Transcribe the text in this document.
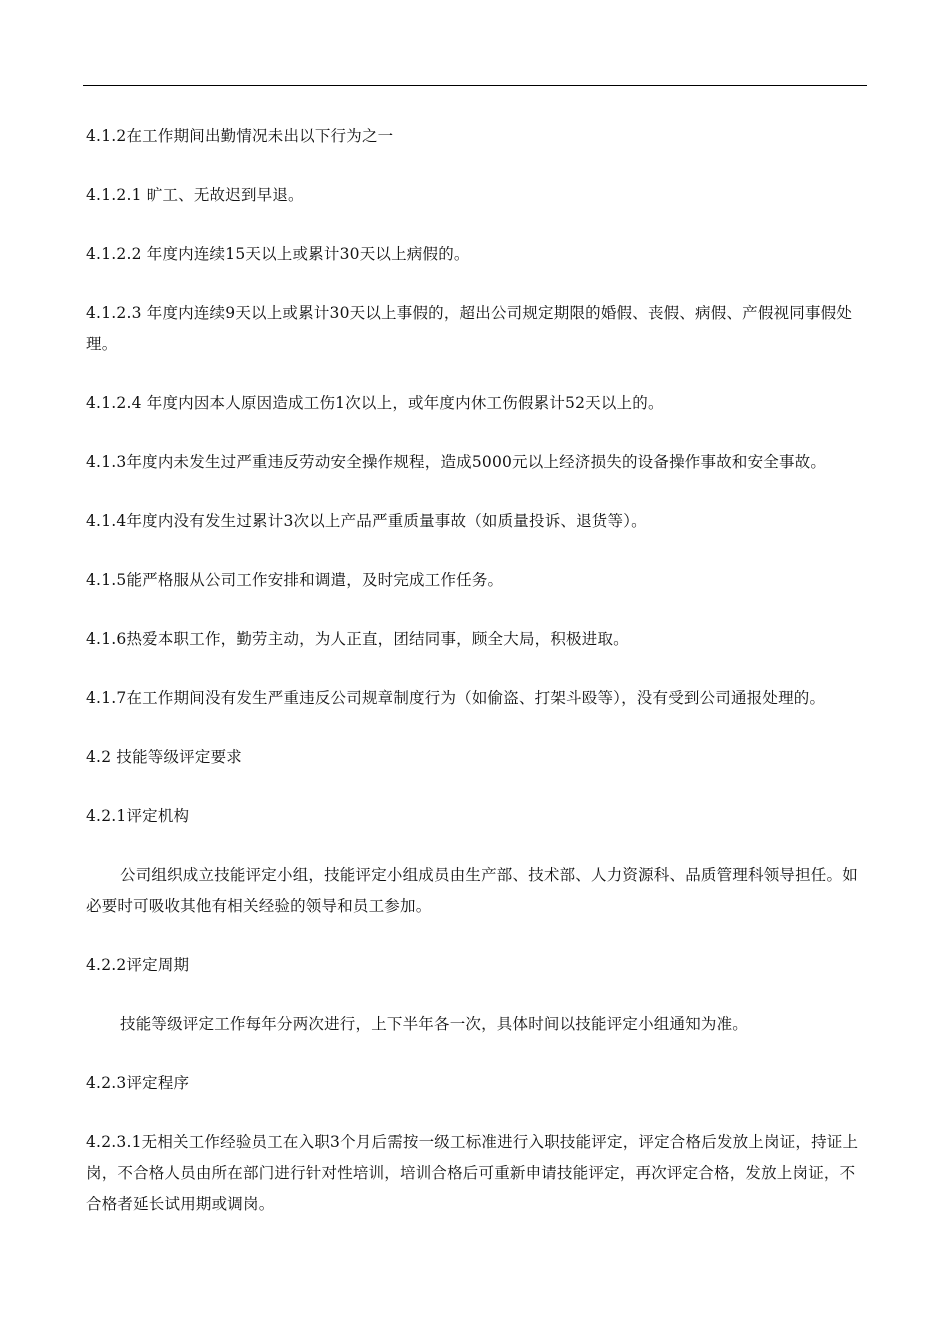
4.1.2在工作期间出勤情况未出以下行为之一

4.1.2.1 旷工、无故迟到早退。

4.1.2.2 年度内连续15天以上或累计30天以上病假的。

4.1.2.3 年度内连续9天以上或累计30天以上事假的，超出公司规定期限的婚假、丧假、病假、产假视同事假处理。

4.1.2.4 年度内因本人原因造成工伤1次以上，或年度内休工伤假累计52天以上的。

4.1.3年度内未发生过严重违反劳动安全操作规程，造成5000元以上经济损失的设备操作事故和安全事故。

4.1.4年度内没有发生过累计3次以上产品严重质量事故（如质量投诉、退货等）。

4.1.5能严格服从公司工作安排和调遣，及时完成工作任务。

4.1.6热爱本职工作，勤劳主动，为人正直，团结同事，顾全大局，积极进取。

4.1.7在工作期间没有发生严重违反公司规章制度行为（如偷盗、打架斗殴等），没有受到公司通报处理的。

4.2 技能等级评定要求

4.2.1评定机构

公司组织成立技能评定小组，技能评定小组成员由生产部、技术部、人力资源科、品质管理科领导担任。如必要时可吸收其他有相关经验的领导和员工参加。

4.2.2评定周期

技能等级评定工作每年分两次进行，上下半年各一次，具体时间以技能评定小组通知为准。

4.2.3评定程序

4.2.3.1无相关工作经验员工在入职3个月后需按一级工标准进行入职技能评定，评定合格后发放上岗证，持证上岗，不合格人员由所在部门进行针对性培训，培训合格后可重新申请技能评定，再次评定合格，发放上岗证，不合格者延长试用期或调岗。
